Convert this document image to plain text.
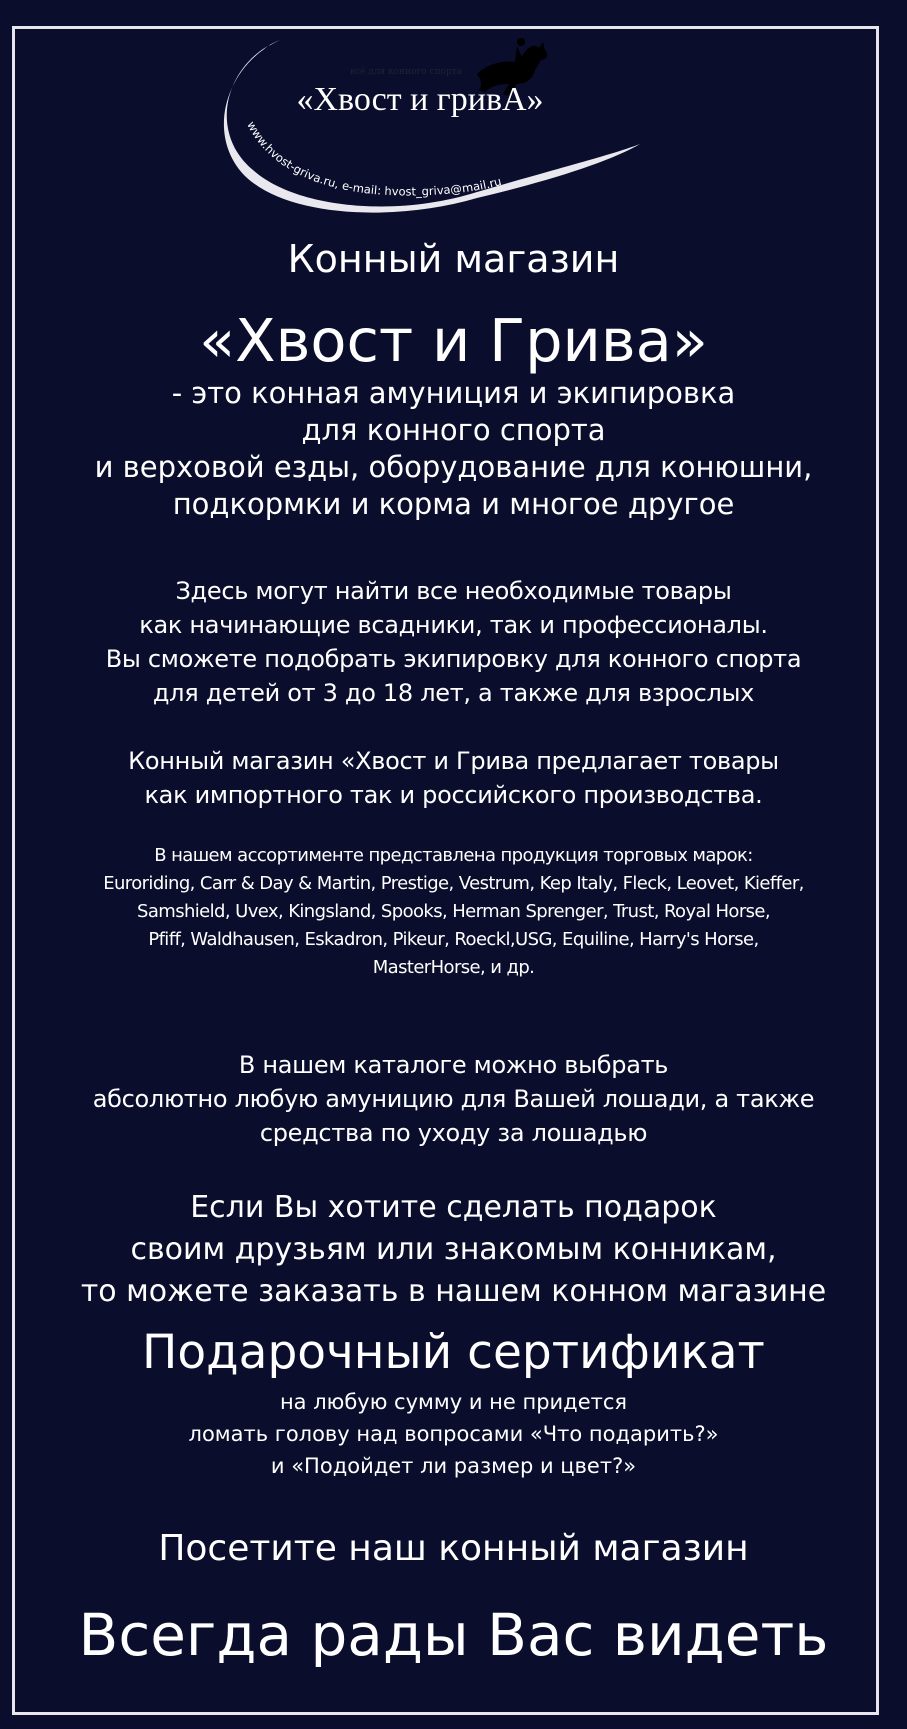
всё для конного спорта
«Хвост и гривА»
www.hvost-griva.ru, e-mail: hvost_griva@mail.ru
Конный магазин
«Хвост и Грива»
- это конная амуниция и экипировка
для конного спорта
и верховой езды, оборудование для конюшни,
подкормки и корма и многое другое
Здесь могут найти все необходимые товары
как начинающие всадники, так и профессионалы.
Вы сможете подобрать экипировку для конного спорта
для детей от 3 до 18 лет, а также для взрослых
Конный магазин «Хвост и Грива предлагает товары
как импортного так и российского производства.
В нашем ассортименте представлена продукция торговых марок:
Euroriding, Carr & Day & Martin, Prestige, Vestrum, Kep Italy, Fleck, Leovet, Kieffer,
Samshield, Uvex, Kingsland, Spooks, Herman Sprenger, Trust, Royal Horse,
Pfiff, Waldhausen, Eskadron, Pikeur, Roeckl,USG, Equiline, Harry's Horse,
MasterHorse, и др.
В нашем каталоге можно выбрать
абсолютно любую амуницию для Вашей лошади, а также
средства по уходу за лошадью
Если Вы хотите сделать подарок
своим друзьям или знакомым конникам,
то можете заказать в нашем конном магазине
Подарочный сертификат
на любую сумму и не придется
ломать голову над вопросами «Что подарить?»
и «Подойдет ли размер и цвет?»
Посетите наш конный магазин
Всегда рады Вас видеть
